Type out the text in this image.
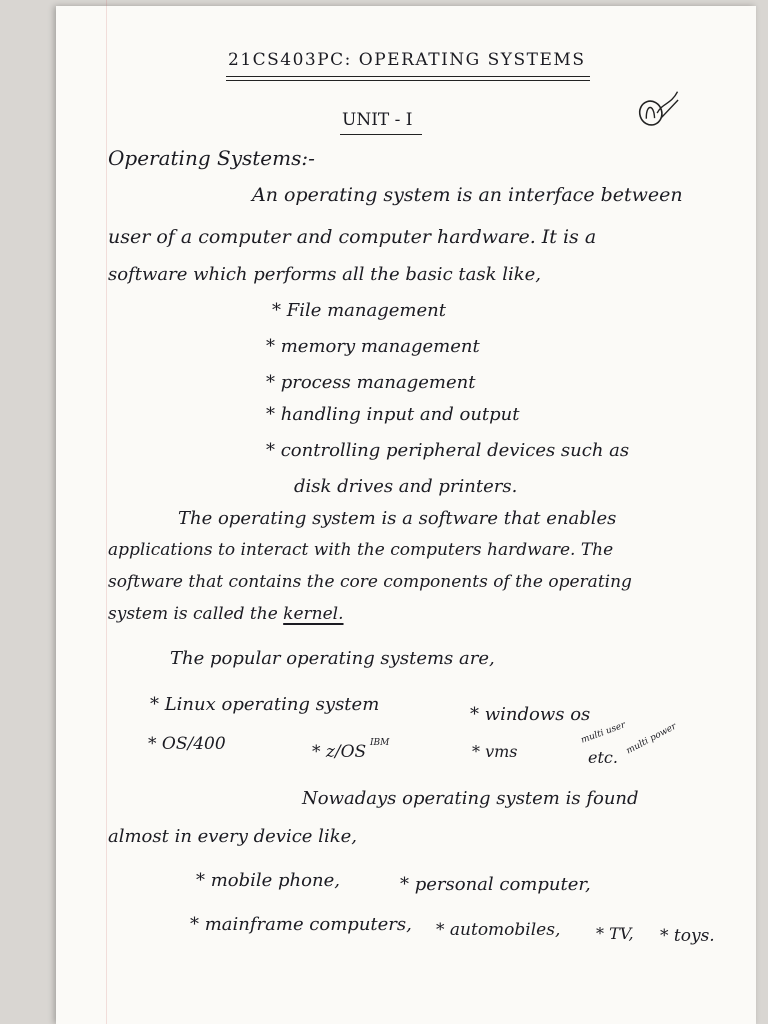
21CS403PC: OPERATING SYSTEMS
UNIT - I
Operating Systems:-
An operating system is an interface between
user of a computer and computer hardware. It is a
software which performs all the basic task like,
* File management
* memory management
* process management
* handling input and output
* controlling peripheral devices such as
disk drives and printers.
The operating system is a software that enables
applications to interact with the computers hardware. The
software that contains the core components of the operating
system is called the kernel.
The popular operating systems are,
* Linux operating system	* windows os
* OS/400	* z/OS IBM	* vms	etc.
multi user
multi power
Nowadays operating system is found
almost in every device like,
* mobile phone,	* personal computer,
* mainframe computers, * automobiles, * TV, * toys.
